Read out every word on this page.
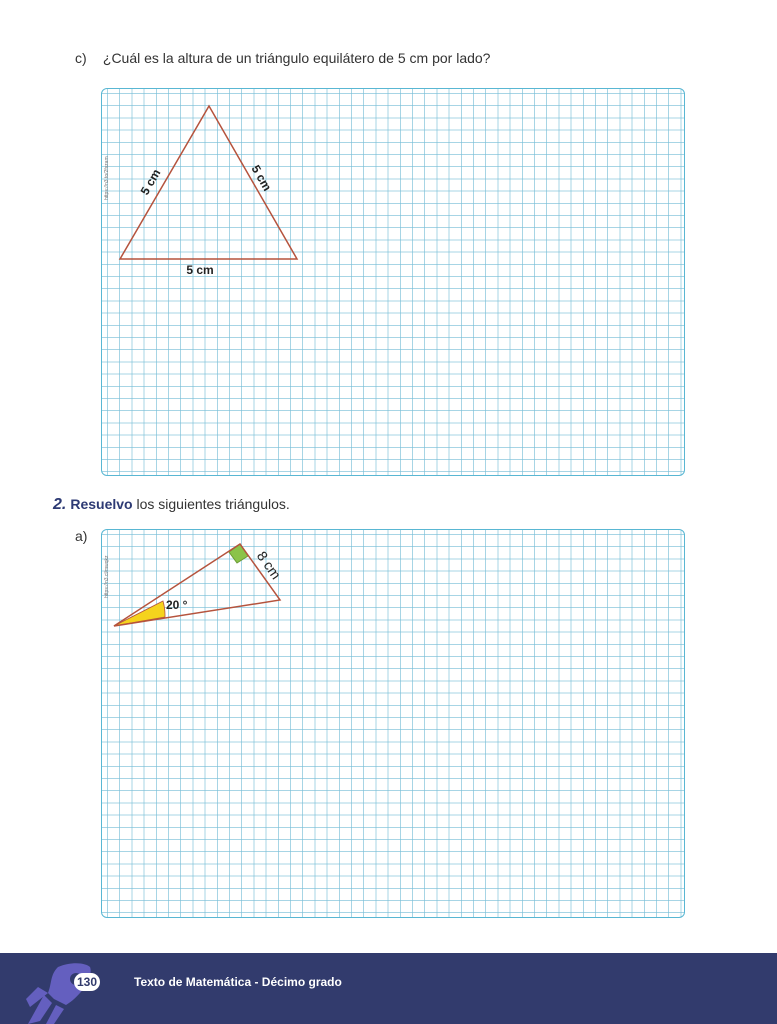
c) ¿Cuál es la altura de un triángulo equilátero de 5 cm por lado?
https://n3.to/2fszam 5 cm	5 cm
5 cm
2. Resuelvo los siguientes triángulos.
a)
https://n3.cl/mwqkz	8 cm
20 °
130	Texto de Matemática - Décimo grado
